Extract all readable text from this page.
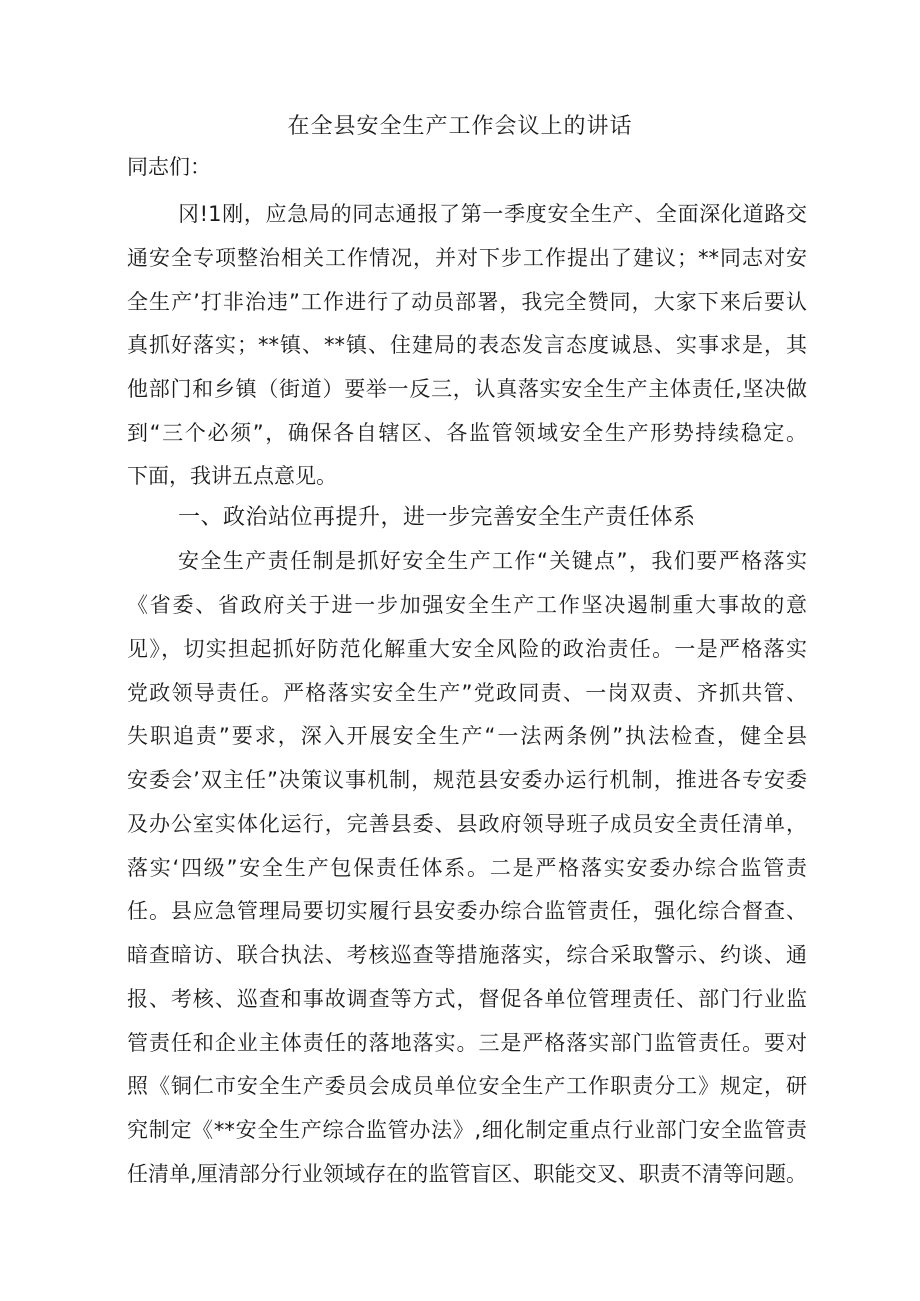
在全县安全生产工作会议上的讲话
同志们：
冈!1刚，应急局的同志通报了第一季度安全生产、全面深化道路交
通安全专项整治相关工作情况，并对下步工作提出了建议；**同志对安
全生产’打非治违”工作进行了动员部署，我完全赞同，大家下来后要认
真抓好落实；**镇、**镇、住建局的表态发言态度诚恳、实事求是，其
他部门和乡镇（街道）要举一反三，认真落实安全生产主体责任,坚决做
到“三个必须”，确保各自辖区、各监管领域安全生产形势持续稳定。
下面，我讲五点意见。
一、政治站位再提升，进一步完善安全生产责任体系
安全生产责任制是抓好安全生产工作“关键点”，我们要严格落实
《省委、省政府关于进一步加强安全生产工作坚决遏制重大事故的意
见》，切实担起抓好防范化解重大安全风险的政治责任。一是严格落实
党政领导责任。严格落实安全生产”党政同责、一岗双责、齐抓共管、
失职追责”要求，深入开展安全生产“一法两条例”执法检查，健全县
安委会’双主任”决策议事机制，规范县安委办运行机制，推进各专安委
及办公室实体化运行，完善县委、县政府领导班子成员安全责任清单，
落实‘四级”安全生产包保责任体系。二是严格落实安委办综合监管责
任。县应急管理局要切实履行县安委办综合监管责任，强化综合督查、
暗查暗访、联合执法、考核巡查等措施落实，综合采取警示、约谈、通
报、考核、巡查和事故调查等方式，督促各单位管理责任、部门行业监
管责任和企业主体责任的落地落实。三是严格落实部门监管责任。要对
照《铜仁市安全生产委员会成员单位安全生产工作职责分工》规定，研
究制定《**安全生产综合监管办法》,细化制定重点行业部门安全监管责
任清单,厘清部分行业领域存在的监管盲区、职能交叉、职责不清等问题。
